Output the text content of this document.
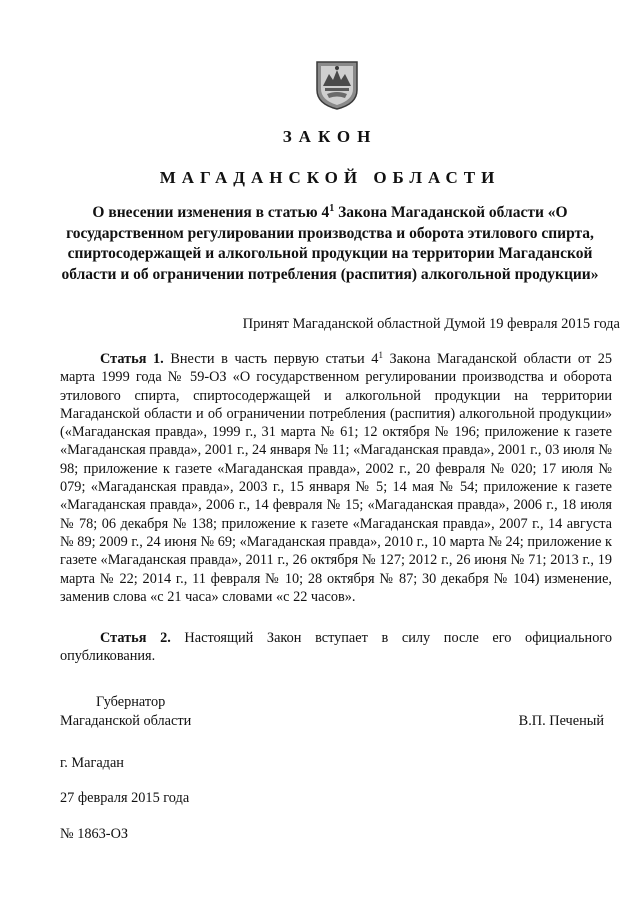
ЗАКОН
МАГАДАНСКОЙ ОБЛАСТИ
О внесении изменения в статью $4^1$ Закона Магаданской области «О государственном регулировании производства и оборота этилового спирта, спиртосодержащей и алкогольной продукции на территории Магаданской области и об ограничении потребления (распития) алкогольной продукции»
Принят Магаданской областной Думой 19 февраля 2015 года
Статья 1. Внести в часть первую статьи $4^1$ Закона Магаданской области от 25 марта 1999 года № 59-ОЗ «О государственном регулировании производства и оборота этилового спирта, спиртосодержащей и алкогольной продукции на территории Магаданской области и об ограничении потребления (распития) алкогольной продукции» («Магаданская правда», 1999 г., 31 марта № 61; 12 октября № 196; приложение к газете «Магаданская правда», 2001 г., 24 января № 11; «Магаданская правда», 2001 г., 03 июля № 98; приложение к газете «Магаданская правда», 2002 г., 20 февраля № 020; 17 июля № 079; «Магаданская правда», 2003 г., 15 января № 5; 14 мая № 54; приложение к газете «Магаданская правда», 2006 г., 14 февраля № 15; «Магаданская правда», 2006 г., 18 июля № 78; 06 декабря № 138; приложение к газете «Магаданская правда», 2007 г., 14 августа № 89; 2009 г., 24 июня № 69; «Магаданская правда», 2010 г., 10 марта № 24; приложение к газете «Магаданская правда», 2011 г., 26 октября № 127; 2012 г., 26 июня № 71; 2013 г., 19 марта № 22; 2014 г., 11 февраля № 10; 28 октября № 87; 30 декабря № 104) изменение, заменив слова «с 21 часа» словами «с 22 часов».
Статья 2. Настоящий Закон вступает в силу после его официального опубликования.
Губернатор
Магаданской области	В.П. Печеный
г. Магадан
27 февраля 2015 года
№ 1863-ОЗ
